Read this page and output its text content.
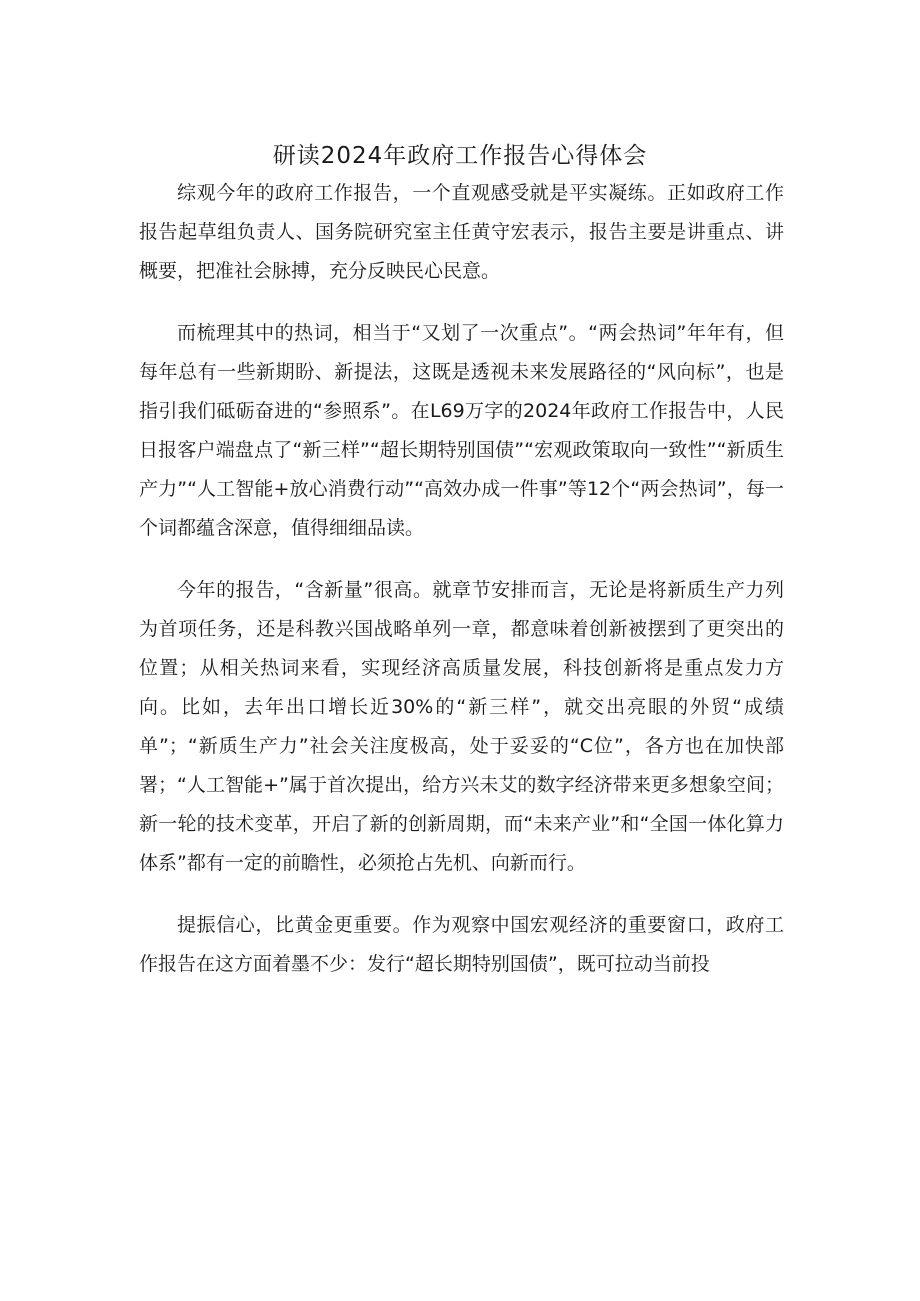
研读2024年政府工作报告心得体会

综观今年的政府工作报告，一个直观感受就是平实凝练。正如政府工作报告起草组负责人、国务院研究室主任黄守宏表示，报告主要是讲重点、讲概要，把准社会脉搏，充分反映民心民意。

而梳理其中的热词，相当于“又划了一次重点”。“两会热词”年年有，但每年总有一些新期盼、新提法，这既是透视未来发展路径的“风向标”，也是指引我们砥砺奋进的“参照系”。在L69万字的2024年政府工作报告中，人民日报客户端盘点了“新三样”“超长期特别国债”“宏观政策取向一致性”“新质生产力”“人工智能+放心消费行动”“高效办成一件事”等12个“两会热词”，每一个词都蕴含深意，值得细细品读。

今年的报告，“含新量”很高。就章节安排而言，无论是将新质生产力列为首项任务，还是科教兴国战略单列一章，都意味着创新被摆到了更突出的位置；从相关热词来看，实现经济高质量发展，科技创新将是重点发力方向。比如，去年出口增长近30%的“新三样”，就交出亮眼的外贸“成绩单”；“新质生产力”社会关注度极高，处于妥妥的“C位”，各方也在加快部署；“人工智能+”属于首次提出，给方兴未艾的数字经济带来更多想象空间；新一轮的技术变革，开启了新的创新周期，而“未来产业”和“全国一体化算力体系”都有一定的前瞻性，必须抢占先机、向新而行。

提振信心，比黄金更重要。作为观察中国宏观经济的重要窗口，政府工作报告在这方面着墨不少：发行“超长期特别国债”，既可拉动当前投
